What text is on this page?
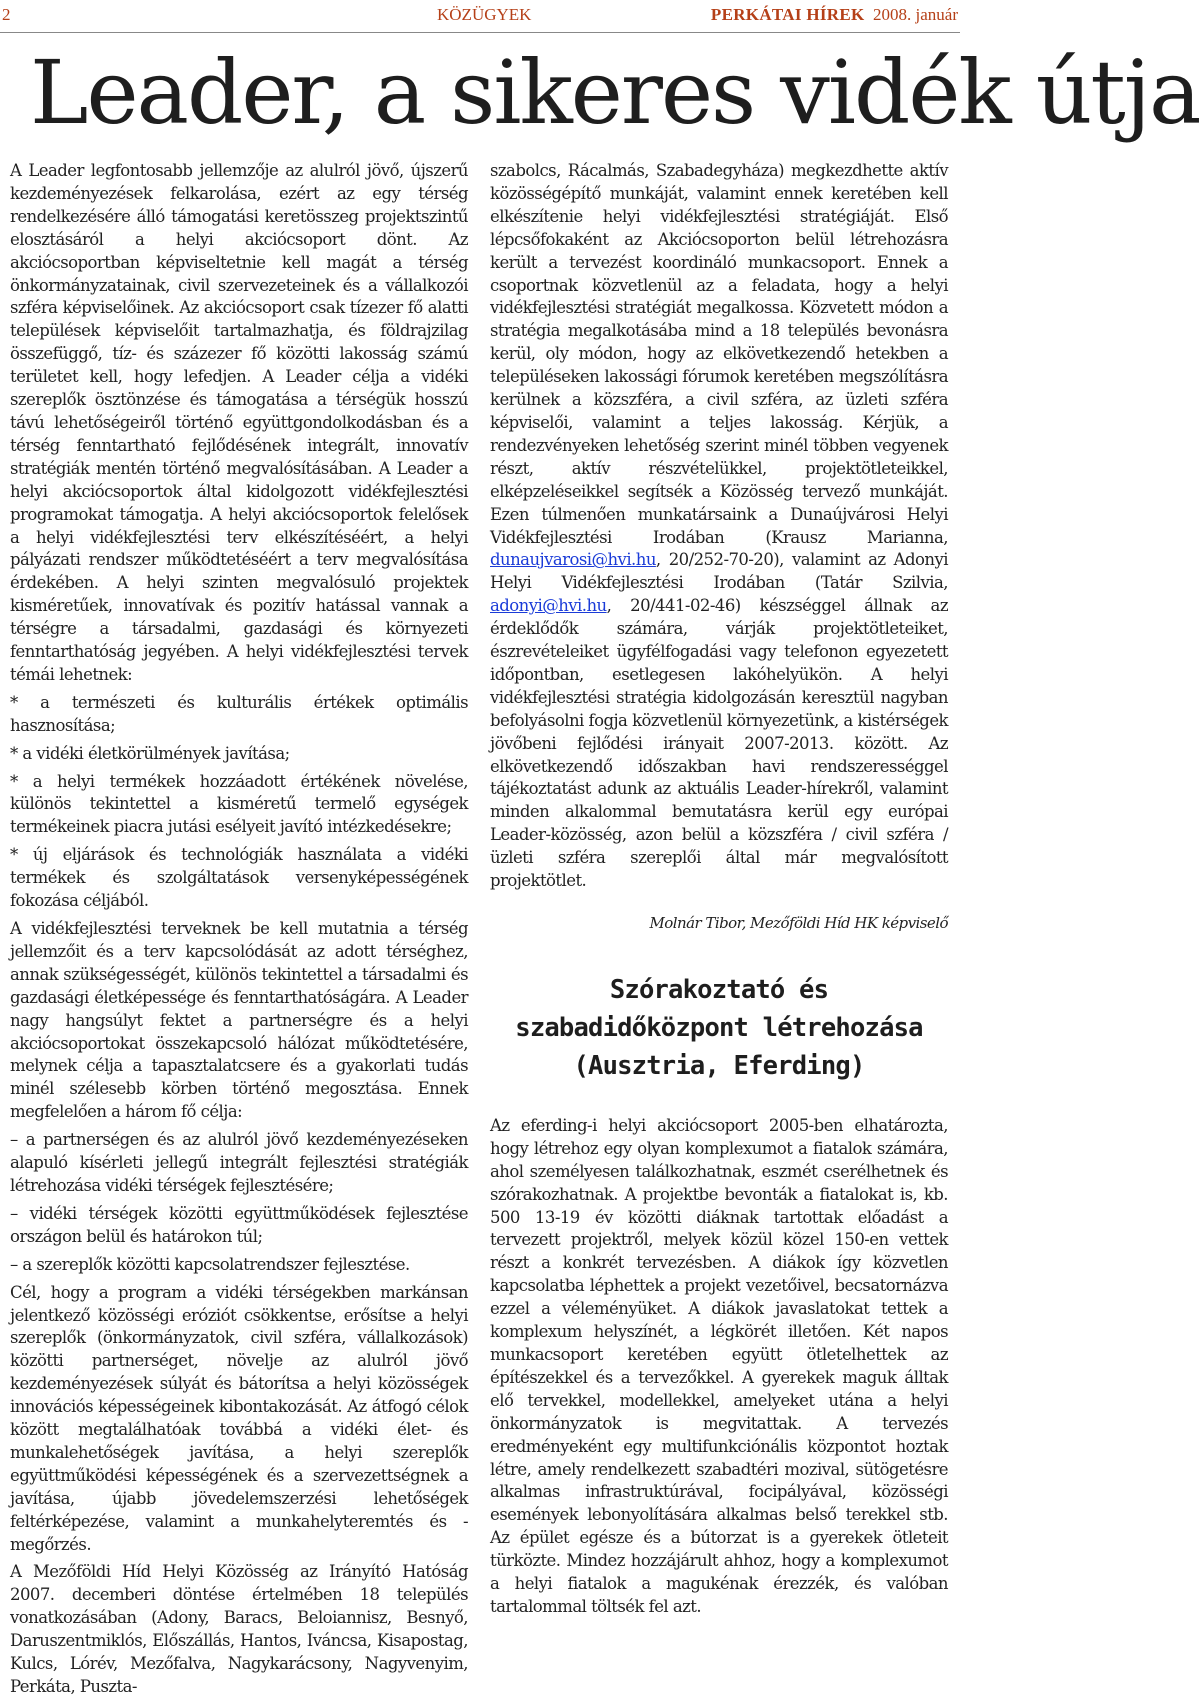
2	KÖZÜGYEK	PERKÁTAI HÍREK 2008. január
Leader, a sikeres vidék útja

A Leader legfontosabb jellemzője az alulról jövő, újszerű kezdeményezések felkarolása, ezért az egy térség rendelkezésére álló támogatási keretösszeg projektszintű elosztásáról a helyi akciócsoport dönt. Az akciócsoportban képviseltetnie kell magát a térség önkormányzatainak, civil szervezeteinek és a vállalkozói szféra képviselőinek. Az akciócsoport csak tízezer fő alatti települések képviselőit tartalmazhatja, és földrajzilag összefüggő, tíz- és százezer fő közötti lakosság számú területet kell, hogy lefedjen. A Leader célja a vidéki szereplők ösztönzése és támogatása a térségük hosszú távú lehetőségeiről történő együttgondolkodásban és a térség fenntartható fejlődésének integrált, innovatív stratégiák mentén történő megvalósításában. A Leader a helyi akciócsoportok által kidolgozott vidékfejlesztési programokat támogatja. A helyi akciócsoportok felelősek a helyi vidékfejlesztési terv elkészítéséért, a helyi pályázati rendszer működtetéséért a terv megvalósítása érdekében. A helyi szinten megvalósuló projektek kisméretűek, innovatívak és pozitív hatással vannak a térségre a társadalmi, gazdasági és környezeti fenntarthatóság jegyében. A helyi vidékfejlesztési tervek témái lehetnek:

* a természeti és kulturális értékek optimális hasznosítása;

* a vidéki életkörülmények javítása;

* a helyi termékek hozzáadott értékének növelése, különös tekintettel a kisméretű termelő egységek termékeinek piacra jutási esélyeit javító intézkedésekre;

* új eljárások és technológiák használata a vidéki termékek és szolgáltatások versenyképességének fokozása céljából.

A vidékfejlesztési terveknek be kell mutatnia a térség jellemzőit és a terv kapcsolódását az adott térséghez, annak szükségességét, különös tekintettel a társadalmi és gazdasági életképessége és fenntarthatóságára. A Leader nagy hangsúlyt fektet a partnerségre és a helyi akciócsoportokat összekapcsoló hálózat működtetésére, melynek célja a tapasztalatcsere és a gyakorlati tudás minél szélesebb körben történő megosztása. Ennek megfelelően a három fő célja:

– a partnerségen és az alulról jövő kezdeményezéseken alapuló kísérleti jellegű integrált fejlesztési stratégiák létrehozása vidéki térségek fejlesztésére;

– vidéki térségek közötti együttműködések fejlesztése országon belül és határokon túl;

– a szereplők közötti kapcsolatrendszer fejlesztése.

Cél, hogy a program a vidéki térségekben markánsan jelentkező közösségi eróziót csökkentse, erősítse a helyi szereplők (önkormányzatok, civil szféra, vállalkozások) közötti partnerséget, növelje az alulról jövő kezdeményezések súlyát és bátorítsa a helyi közösségek innovációs képességeinek kibontakozását. Az átfogó célok között megtalálhatóak továbbá a vidéki élet- és munkalehetőségek javítása, a helyi szereplők együttműködési képességének és a szervezettségnek a javítása, újabb jövedelemszerzési lehetőségek feltérképezése, valamint a munkahelyteremtés és -megőrzés.

A Mezőföldi Híd Helyi Közösség az Irányító Hatóság 2007. decemberi döntése értelmében 18 település vonatkozásában (Adony, Baracs, Beloiannisz, Besnyő, Daruszentmiklós, Előszállás, Hantos, Iváncsa, Kisapostag, Kulcs, Lórév, Mezőfalva, Nagykarácsony, Nagyvenyim, Perkáta, Puszta-

szabolcs, Rácalmás, Szabadegyháza) megkezdhette aktív közösségépítő munkáját, valamint ennek keretében kell elkészítenie helyi vidékfejlesztési stratégiáját. Első lépcsőfokaként az Akciócsoporton belül létrehozásra került a tervezést koordináló munkacsoport. Ennek a csoportnak közvetlenül az a feladata, hogy a helyi vidékfejlesztési stratégiát megalkossa. Közvetett módon a stratégia megalkotásába mind a 18 település bevonásra kerül, oly módon, hogy az elkövetkezendő hetekben a településeken lakossági fórumok keretében megszólításra kerülnek a közszféra, a civil szféra, az üzleti szféra képviselői, valamint a teljes lakosság. Kérjük, a rendezvényeken lehetőség szerint minél többen vegyenek részt, aktív részvételükkel, projektötleteikkel, elképzeléseikkel segítsék a Közösség tervező munkáját. Ezen túlmenően munkatársaink a Dunaújvárosi Helyi Vidékfejlesztési Irodában (Krausz Marianna, dunaujvarosi@hvi.hu, 20/252-70-20), valamint az Adonyi Helyi Vidékfejlesztési Irodában (Tatár Szilvia, adonyi@hvi.hu, 20/441-02-46) készséggel állnak az érdeklődők számára, várják projektötleteiket, észrevételeiket ügyfélfogadási vagy telefonon egyezetett időpontban, esetlegesen lakóhelyükön. A helyi vidékfejlesztési stratégia kidolgozásán keresztül nagyban befolyásolni fogja közvetlenül környezetünk, a kistérségek jövőbeni fejlődési irányait 2007-2013. között. Az elkövetkezendő időszakban havi rendszerességgel tájékoztatást adunk az aktuális Leader-hírekről, valamint minden alkalommal bemutatásra kerül egy európai Leader-közösség, azon belül a közszféra / civil szféra / üzleti szféra szereplői által már megvalósított projektötlet.

Molnár Tibor, Mezőföldi Híd HK képviselő

Szórakoztató és
szabadidőközpont létrehozása
(Ausztria, Eferding)

Az eferding-i helyi akciócsoport 2005-ben elhatározta, hogy létrehoz egy olyan komplexumot a fiatalok számára, ahol személyesen találkozhatnak, eszmét cserélhetnek és szórakozhatnak. A projektbe bevonták a fiatalokat is, kb. 500 13-19 év közötti diáknak tartottak előadást a tervezett projektről, melyek közül közel 150-en vettek részt a konkrét tervezésben. A diákok így közvetlen kapcsolatba léphettek a projekt vezetőivel, becsatornázva ezzel a véleményüket. A diákok javaslatokat tettek a komplexum helyszínét, a légkörét illetően. Két napos munkacsoport keretében együtt ötletelhettek az építészekkel és a tervezőkkel. A gyerekek maguk álltak elő tervekkel, modellekkel, amelyeket utána a helyi önkormányzatok is megvitattak. A tervezés eredményeként egy multifunkciónális központot hoztak létre, amely rendelkezett szabadtéri mozival, sütögetésre alkalmas infrastruktúrával, focipályával, közösségi események lebonyolítására alkalmas belső terekkel stb. Az épület egésze és a bútorzat is a gyerekek ötleteit türközte. Mindez hozzájárult ahhoz, hogy a komplexumot a helyi fiatalok a magukénak érezzék, és valóban tartalommal töltsék fel azt.
